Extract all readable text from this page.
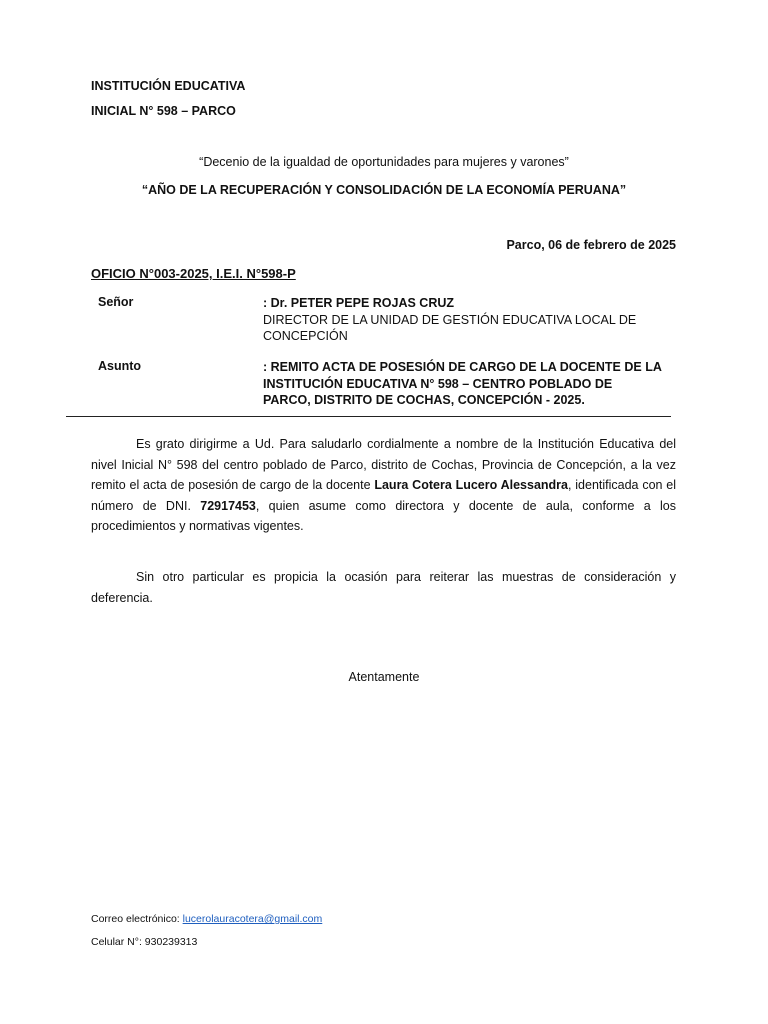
INSTITUCIÓN EDUCATIVA
INICIAL N° 598 – PARCO
“Decenio de la igualdad de oportunidades para mujeres y varones”
“AÑO DE LA RECUPERACIÓN Y CONSOLIDACIÓN DE LA ECONOMÍA PERUANA”
Parco, 06 de febrero de 2025
OFICIO N°003-2025, I.E.I. N°598-P
Señor	: Dr. PETER PEPE ROJAS CRUZ
DIRECTOR DE LA UNIDAD DE GESTIÓN EDUCATIVA LOCAL DE
CONCEPCIÓN
Asunto	: REMITO ACTA DE POSESIÓN DE CARGO DE LA DOCENTE DE LA
INSTITUCIÓN EDUCATIVA N° 598 – CENTRO POBLADO DE
PARCO, DISTRITO DE COCHAS, CONCEPCIÓN - 2025.
Es grato dirigirme a Ud. Para saludarlo cordialmente a nombre de la Institución Educativa del
nivel Inicial N° 598 del centro poblado de Parco, distrito de Cochas, Provincia de Concepción, a la vez
remito el acta de posesión de cargo de la docente Laura Cotera Lucero Alessandra, identificada con el
número de DNI. 72917453, quien asume como directora y docente de aula, conforme a los
procedimientos y normativas vigentes.
Sin otro particular es propicia la ocasión para reiterar las muestras de consideración y
deferencia.
Atentamente
Correo electrónico: lucerolauracotera@gmail.com
Celular N°: 930239313
